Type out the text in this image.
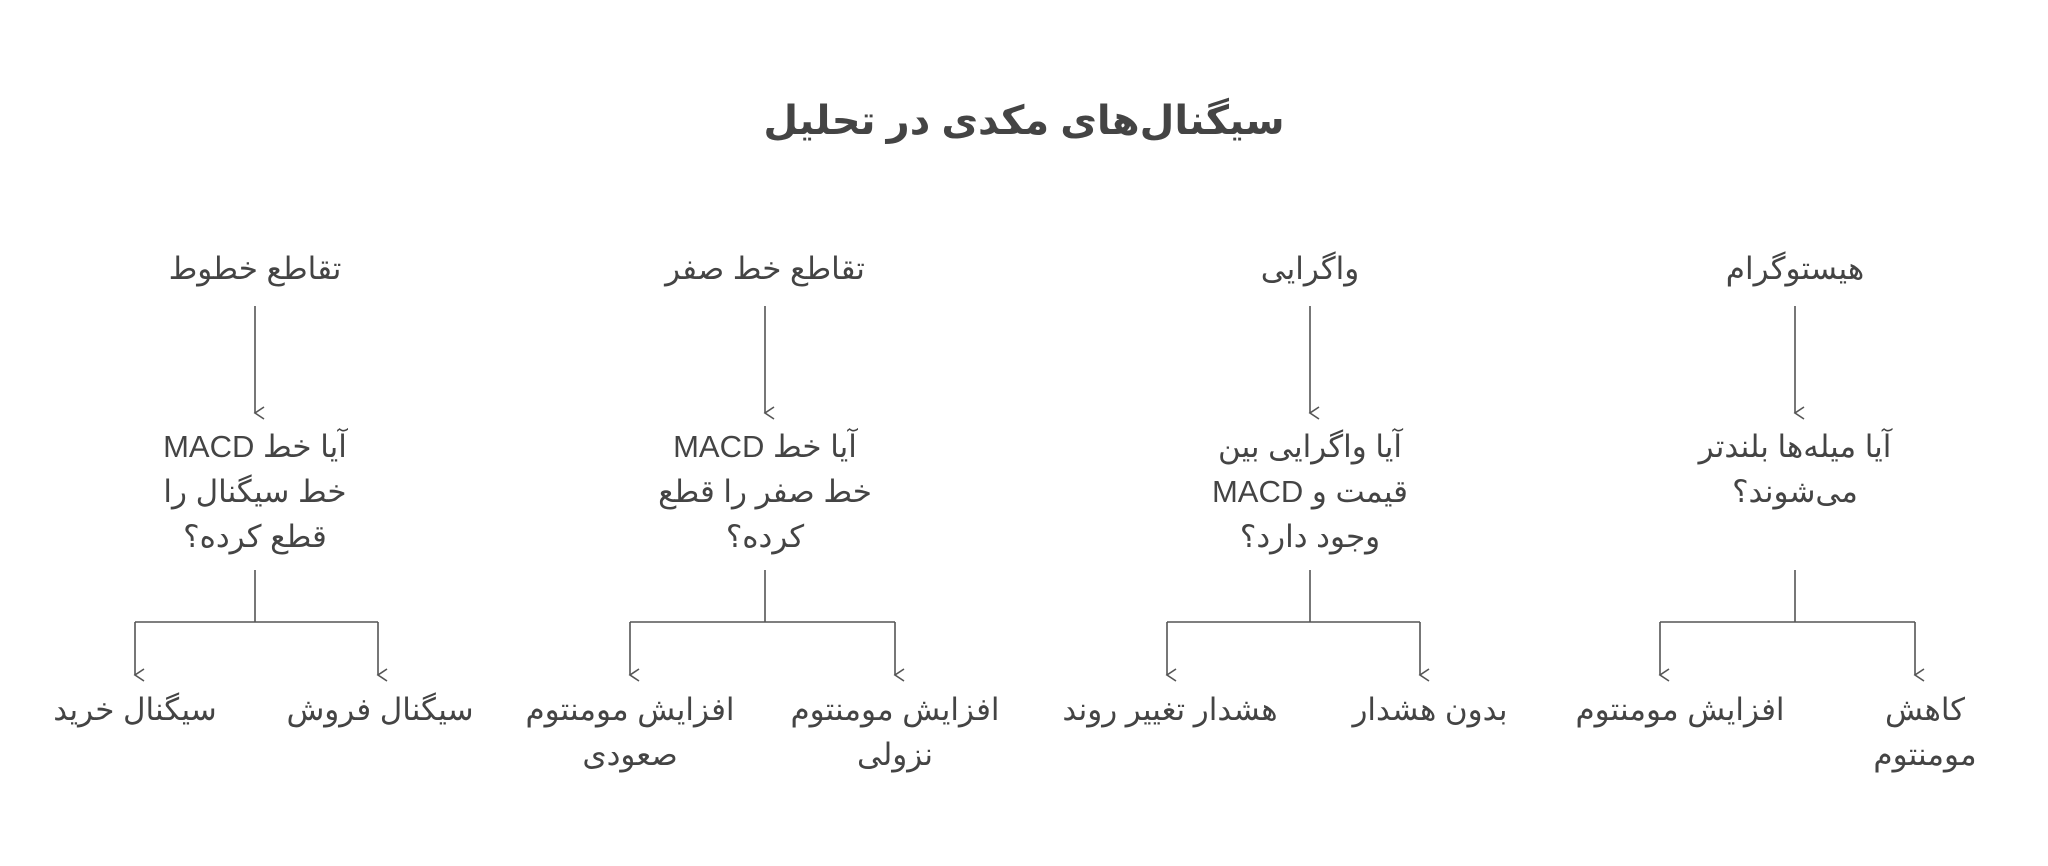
سیگنال‌های مکدی در تحلیل
هیستوگرام
آیا میله‌ها بلندتر
می‌شوند؟
افزایش مومنتوم	کاهش
مومنتوم
واگرایی
آیا واگرایی بین
قیمت و MACD
وجود دارد؟
هشدار تغییر روند	بدون هشدار
تقاطع خط صفر
آیا خط MACD
خط صفر را قطع
کرده؟
افزایش مومنتوم
صعودی
افزایش مومنتوم
نزولی
تقاطع خطوط
آیا خط MACD
خط سیگنال را
قطع کرده؟
سیگنال خرید	سیگنال فروش
